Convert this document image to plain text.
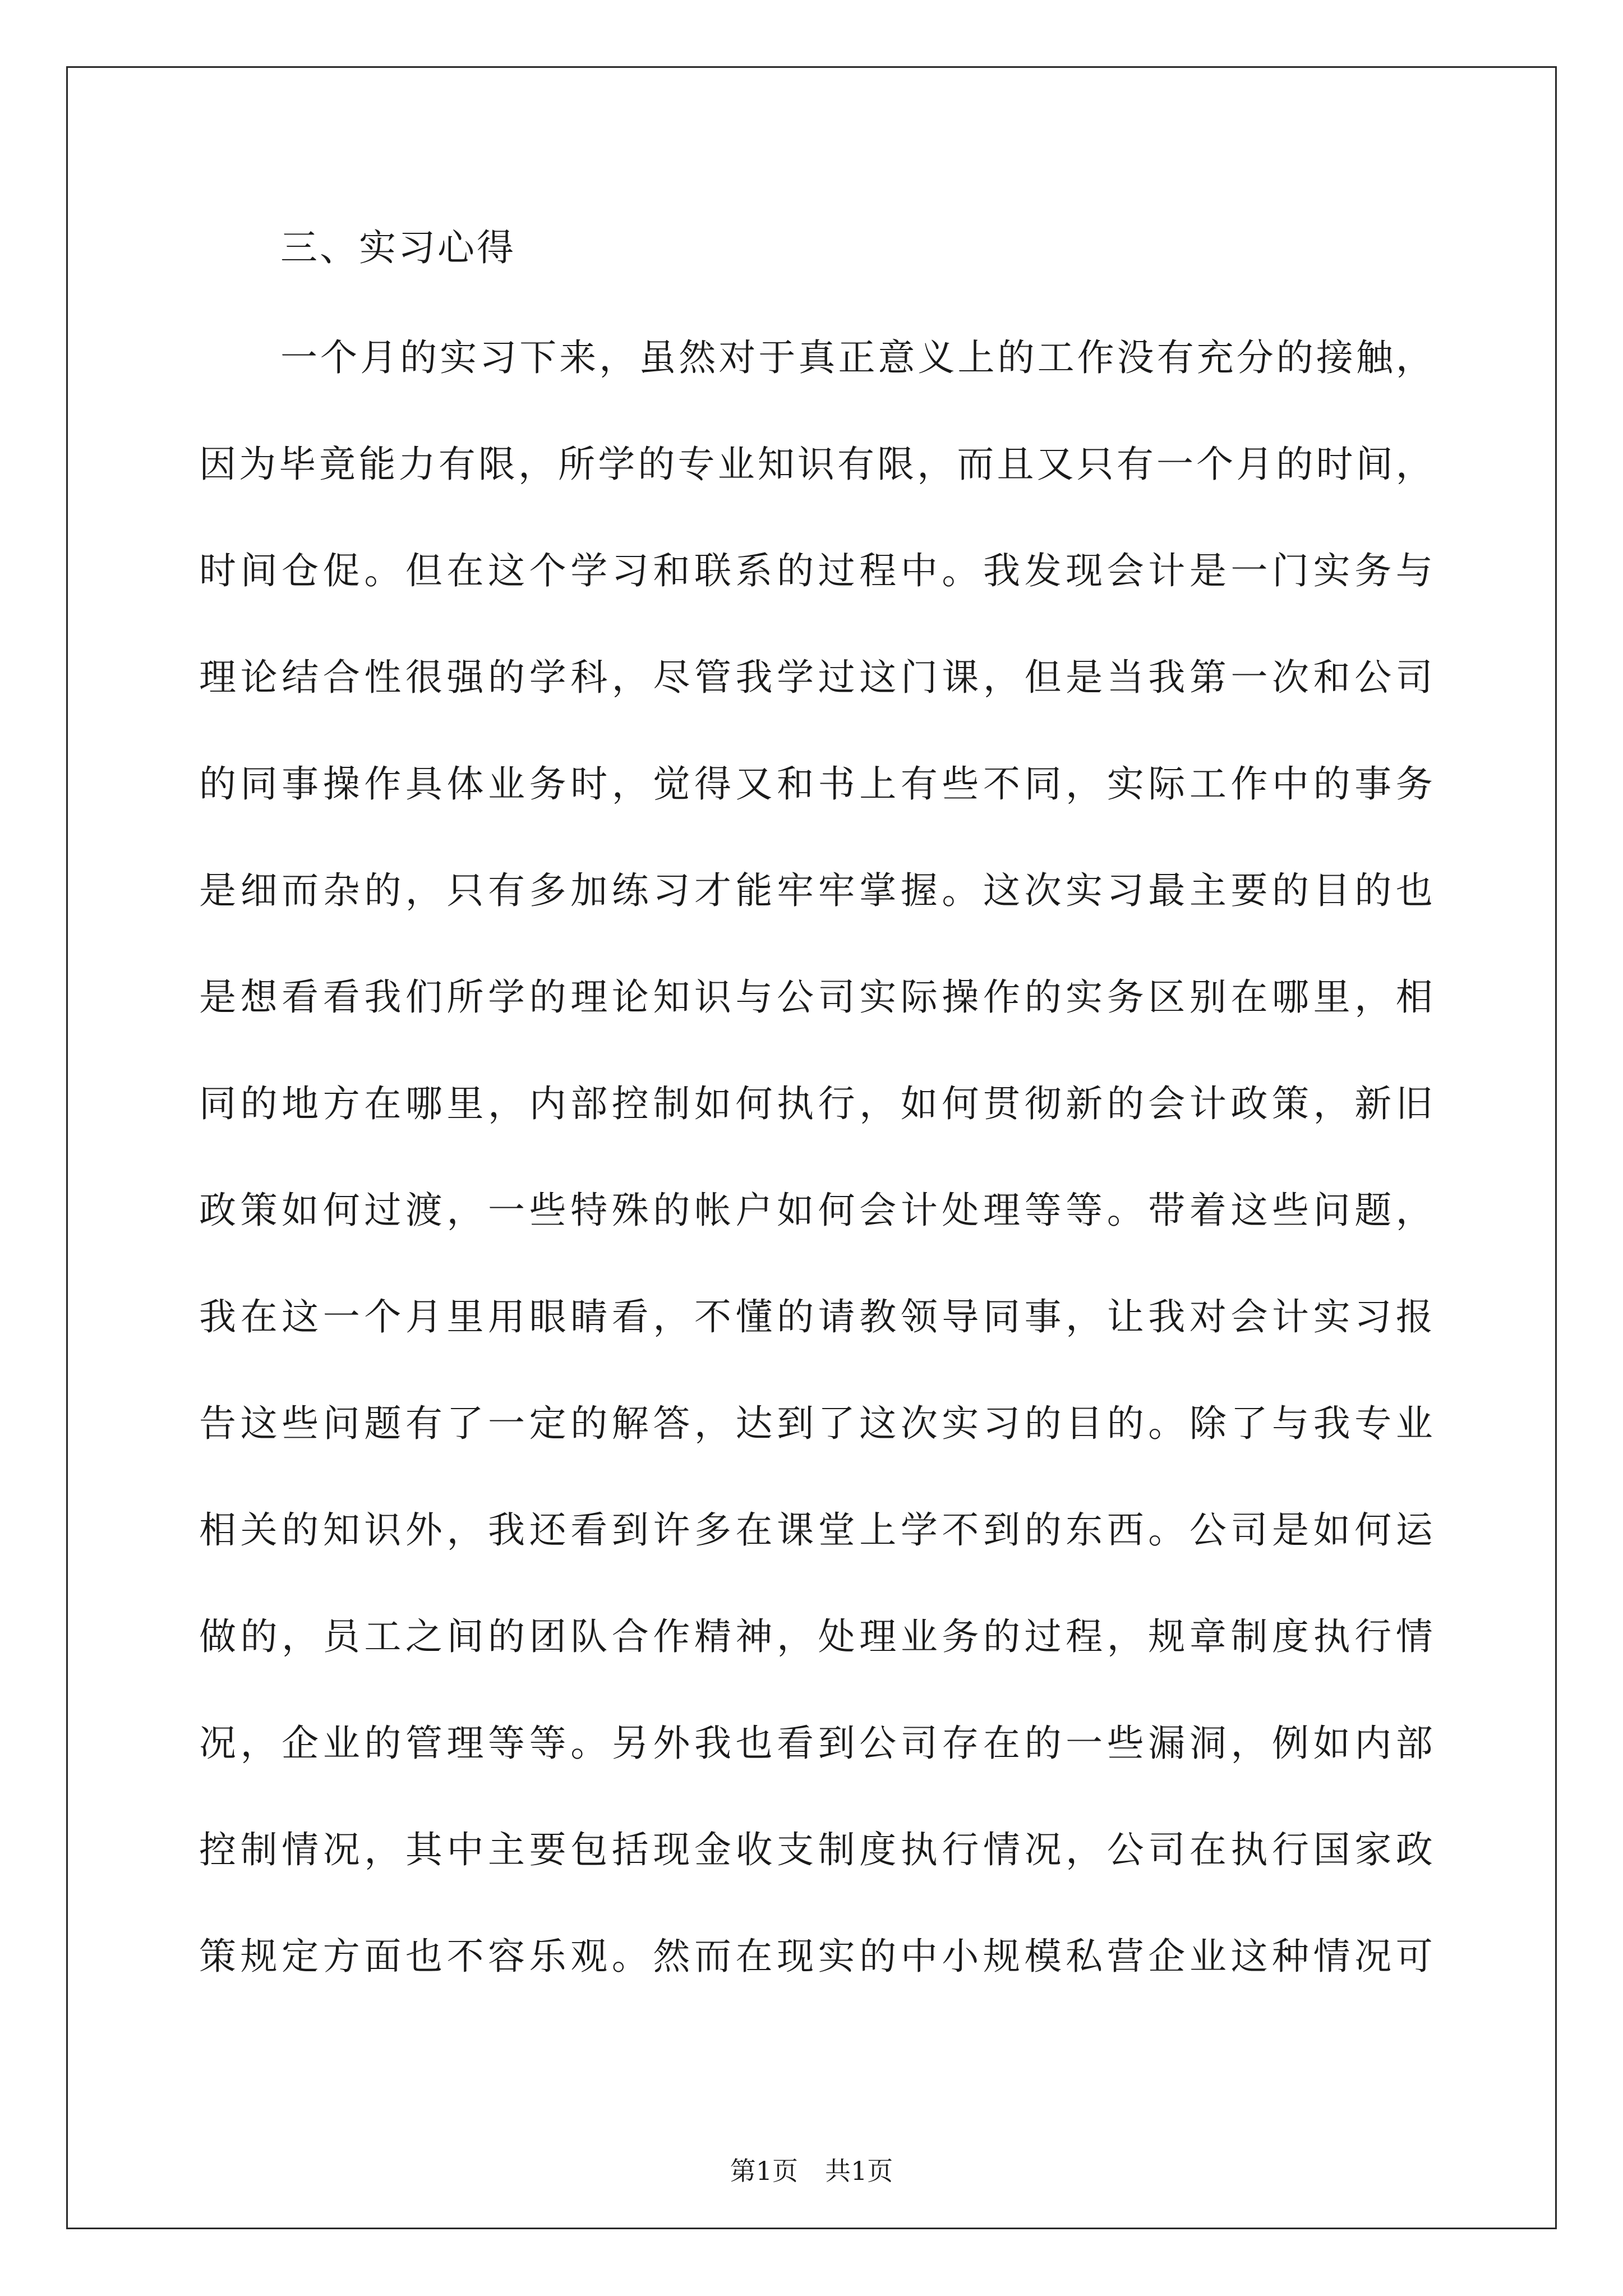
三、实习心得
一 个 月 的 实 习 下 来 ， 虽 然 对 于 真 正 意 义 上 的 工 作 没 有 充 分 的 接 触 ，
因 为 毕 竟 能 力 有 限 ， 所 学 的 专 业 知 识 有 限 ， 而 且 又 只 有 一 个 月 的 时 间 ，
时 间 仓 促 。 但 在 这 个 学 习 和 联 系 的 过 程 中 。 我 发 现 会 计 是 一 门 实 务 与
理 论 结 合 性 很 强 的 学 科 ， 尽 管 我 学 过 这 门 课 ， 但 是 当 我 第 一 次 和 公 司
的 同 事 操 作 具 体 业 务 时 ， 觉 得 又 和 书 上 有 些 不 同 ， 实 际 工 作 中 的 事 务
是 细 而 杂 的 ， 只 有 多 加 练 习 才 能 牢 牢 掌 握 。 这 次 实 习 最 主 要 的 目 的 也
是 想 看 看 我 们 所 学 的 理 论 知 识 与 公 司 实 际 操 作 的 实 务 区 别 在 哪 里 ， 相
同 的 地 方 在 哪 里 ， 内 部 控 制 如 何 执 行 ， 如 何 贯 彻 新 的 会 计 政 策 ， 新 旧
政 策 如 何 过 渡 ， 一 些 特 殊 的 帐 户 如 何 会 计 处 理 等 等 。 带 着 这 些 问 题 ，
我 在 这 一 个 月 里 用 眼 睛 看 ， 不 懂 的 请 教 领 导 同 事 ， 让 我 对 会 计 实 习 报
告 这 些 问 题 有 了 一 定 的 解 答 ， 达 到 了 这 次 实 习 的 目 的 。 除 了 与 我 专 业
相 关 的 知 识 外 ， 我 还 看 到 许 多 在 课 堂 上 学 不 到 的 东 西 。 公 司 是 如 何 运
做 的 ， 员 工 之 间 的 团 队 合 作 精 神 ， 处 理 业 务 的 过 程 ， 规 章 制 度 执 行 情
况 ， 企 业 的 管 理 等 等 。 另 外 我 也 看 到 公 司 存 在 的 一 些 漏 洞 ， 例 如 内 部
控 制 情 况 ， 其 中 主 要 包 括 现 金 收 支 制 度 执 行 情 况 ， 公 司 在 执 行 国 家 政
策 规 定 方 面 也 不 容 乐 观 。 然 而 在 现 实 的 中 小 规 模 私 营 企 业 这 种 情 况 可
第1页 共1页
